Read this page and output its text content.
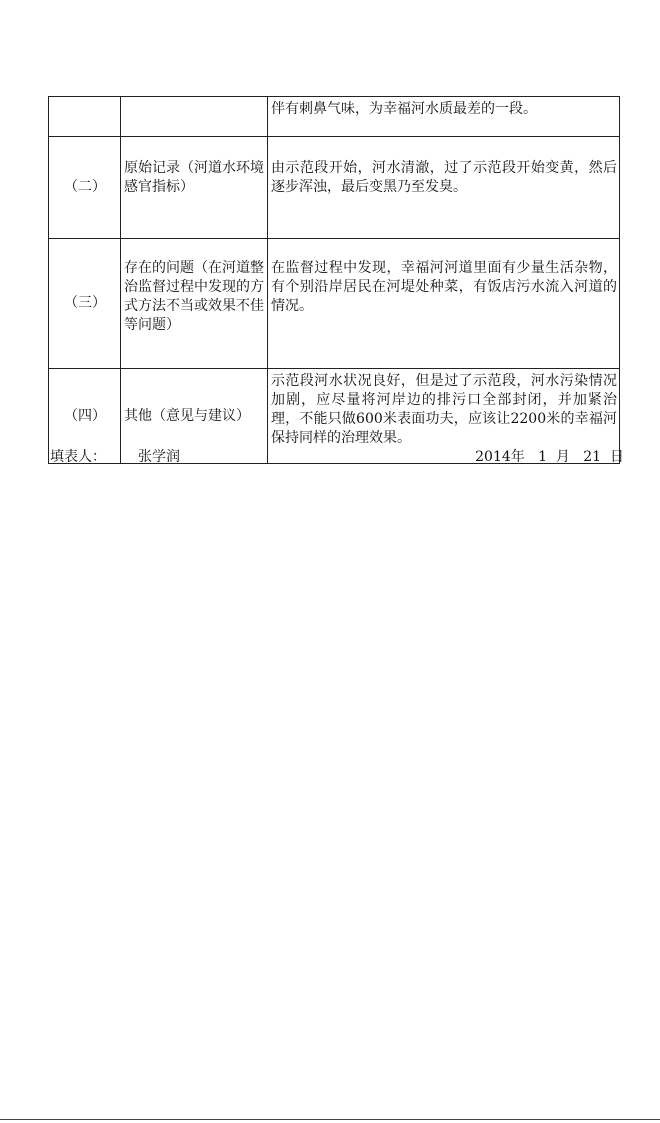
		伴有刺鼻气味，为幸福河水质最差的一段。

（二）	原始记录（河道水环境感官指标）	由示范段开始，河水清澈，过了示范段开始变黄，然后逐步浑浊，最后变黑乃至发臭。

（三）	存在的问题（在河道整治监督过程中发现的方式方法不当或效果不佳等问题）	在监督过程中发现，幸福河河道里面有少量生活杂物，有个别沿岸居民在河堤处种菜，有饭店污水流入河道的情况。

（四）	其他（意见与建议）	示范段河水状况良好，但是过了示范段，河水污染情况加剧，应尽量将河岸边的排污口全部封闭，并加紧治理，不能只做600米表面功夫，应该让2200米的幸福河保持同样的治理效果。
填表人： 张学润	2014年   1  月   21  日
